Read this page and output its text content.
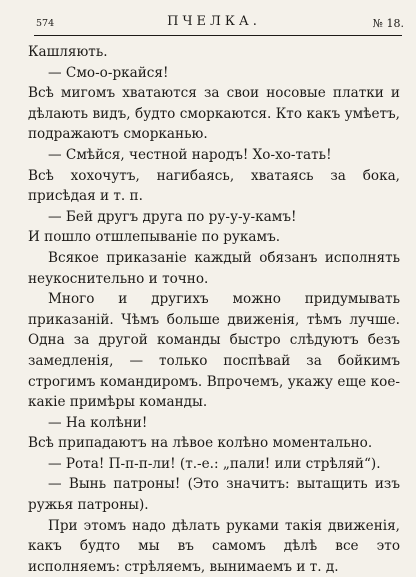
574	ПЧЕЛКА.	№ 18.

Кашляють.

— Смо-о-ркайся!

Всѣ мигомъ хватаются за свои носовые платки и дѣлають видъ, будто сморкаются. Кто какъ умѣетъ, подражаютъ сморканью.

— Смѣйся, честной народъ! Хо-хо-тать!

Всѣ хохочутъ, нагибаясь, хватаясь за бока, присѣдая и т. п.

— Бей другъ друга по ру-у-у-камъ!

И пошло отшлепываніе по рукамъ.

Всякое приказаніе каждый обязанъ исполнять неукоснительно и точно.

Много и другихъ можно придумывать приказаній. Чѣмъ больше движенія, тѣмъ лучше. Одна за другой команды быстро слѣдуютъ безъ замедленія, — только поспѣвай за бойкимъ строгимъ командиромъ. Впрочемъ, укажу еще кое-какіе примѣры команды.

— На колѣни!

Всѣ припадаютъ на лѣвое колѣно моментально.

— Рота! П-п-п-ли! (т.-е.: „пали! или стрѣляй“).

— Вынь патроны! (Это значитъ: вытащить изъ ружья патроны).

При этомъ надо дѣлать руками такія движенія, какъ будто мы въ самомъ дѣлѣ все это исполняемъ: стрѣляемъ, вынимаемъ и т. д.
